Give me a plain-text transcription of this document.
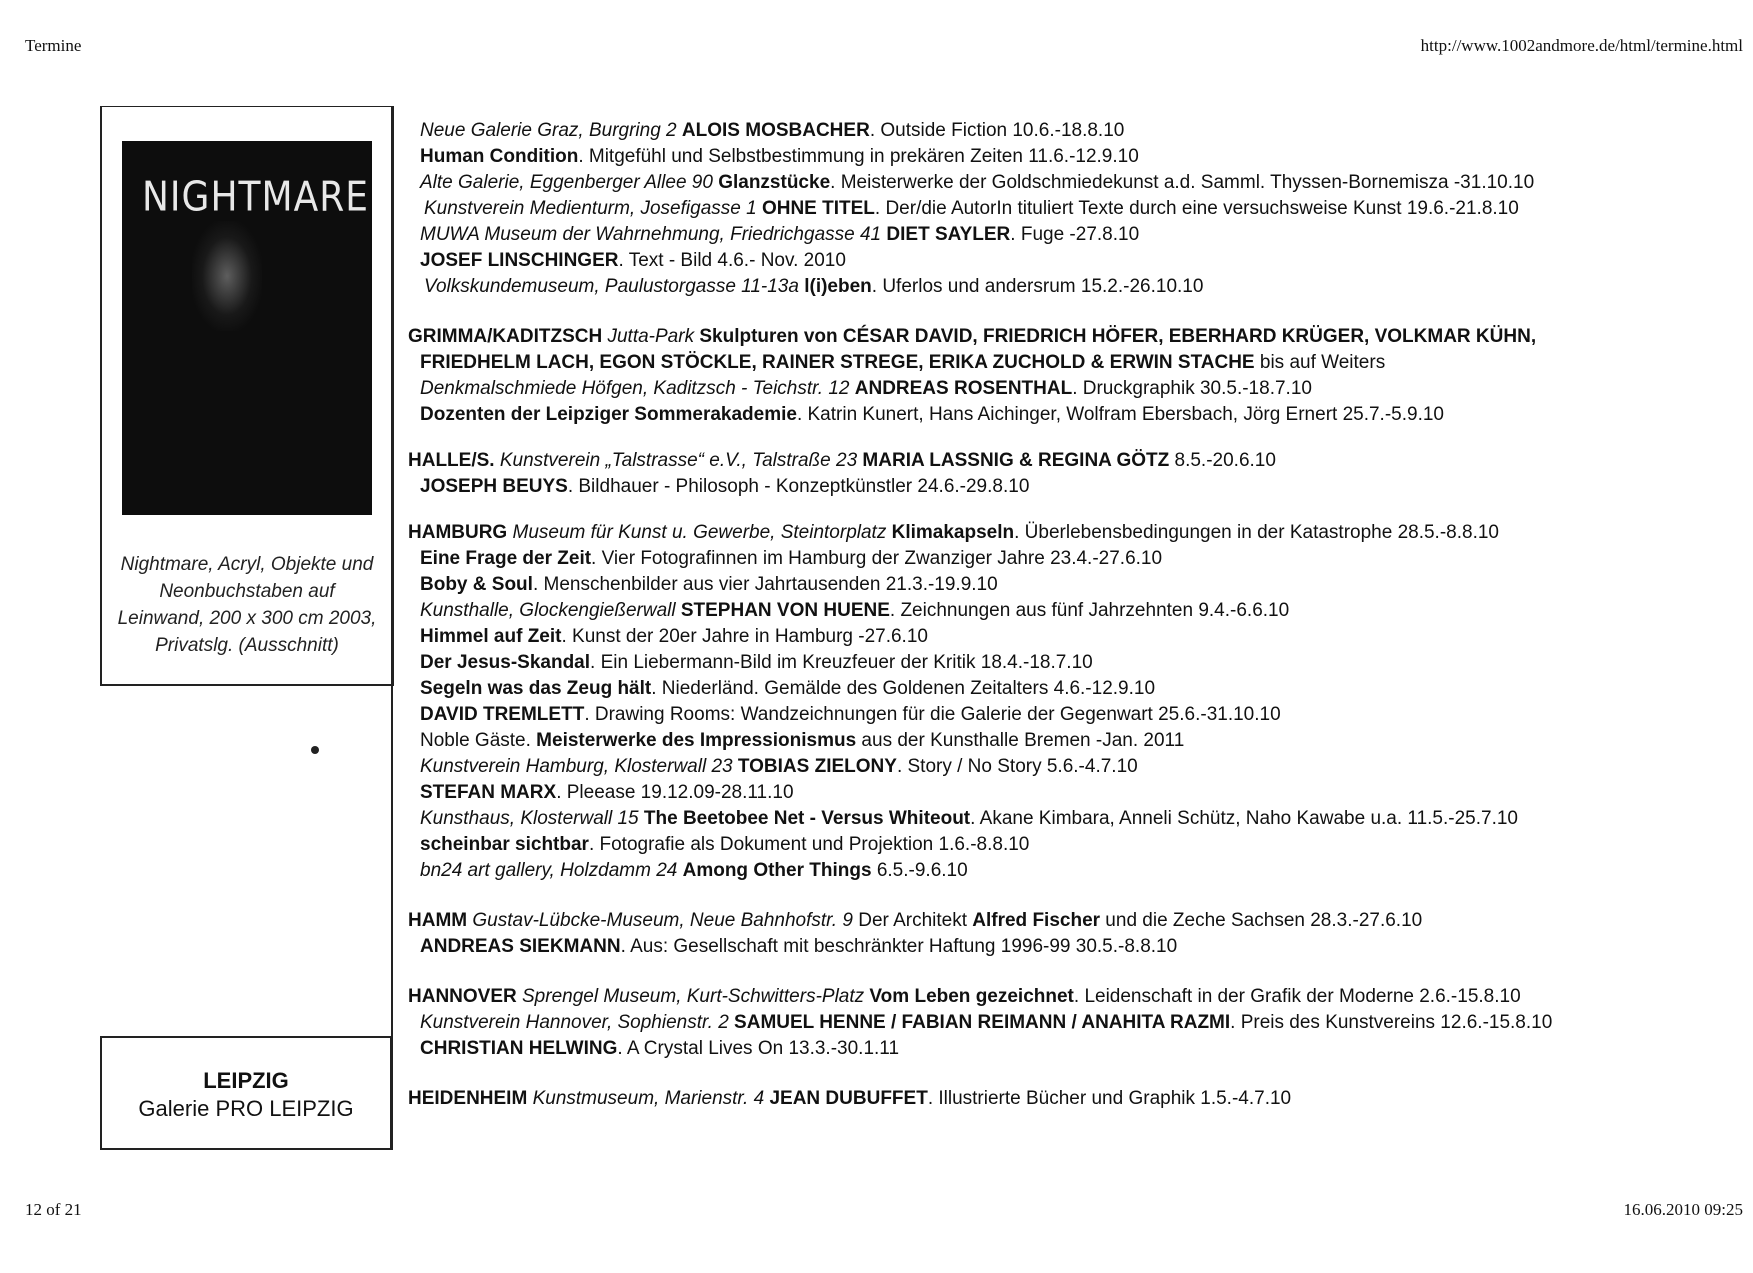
Termine	http://www.1002andmore.de/html/termine.html
NIGHTMARE
Nightmare, Acryl, Objekte und
Neonbuchstaben auf
Leinwand, 200 x 300 cm 2003,
Privatslg. (Ausschnitt)
LEIPZIG
Galerie PRO LEIPZIG
Neue Galerie Graz, Burgring 2 ALOIS MOSBACHER. Outside Fiction 10.6.-18.8.10
Human Condition. Mitgefühl und Selbstbestimmung in prekären Zeiten 11.6.-12.9.10
Alte Galerie, Eggenberger Allee 90 Glanzstücke. Meisterwerke der Goldschmiedekunst a.d. Samml. Thyssen-Bornemisza -31.10.10
Kunstverein Medienturm, Josefigasse 1 OHNE TITEL. Der/die AutorIn tituliert Texte durch eine versuchsweise Kunst 19.6.-21.8.10
MUWA Museum der Wahrnehmung, Friedrichgasse 41 DIET SAYLER. Fuge -27.8.10
JOSEF LINSCHINGER. Text - Bild 4.6.- Nov. 2010
Volkskundemuseum, Paulustorgasse 11-13a l(i)eben. Uferlos und andersrum 15.2.-26.10.10
GRIMMA/KADITZSCH Jutta-Park Skulpturen von CÉSAR DAVID, FRIEDRICH HÖFER, EBERHARD KRÜGER, VOLKMAR KÜHN,
FRIEDHELM LACH, EGON STÖCKLE, RAINER STREGE, ERIKA ZUCHOLD & ERWIN STACHE bis auf Weiters
Denkmalschmiede Höfgen, Kaditzsch - Teichstr. 12 ANDREAS ROSENTHAL. Druckgraphik 30.5.-18.7.10
Dozenten der Leipziger Sommerakademie. Katrin Kunert, Hans Aichinger, Wolfram Ebersbach, Jörg Ernert 25.7.-5.9.10
HALLE/S. Kunstverein „Talstrasse“ e.V., Talstraße 23 MARIA LASSNIG & REGINA GÖTZ 8.5.-20.6.10
JOSEPH BEUYS. Bildhauer - Philosoph - Konzeptkünstler 24.6.-29.8.10
HAMBURG Museum für Kunst u. Gewerbe, Steintorplatz Klimakapseln. Überlebensbedingungen in der Katastrophe 28.5.-8.8.10
Eine Frage der Zeit. Vier Fotografinnen im Hamburg der Zwanziger Jahre 23.4.-27.6.10
Boby & Soul. Menschenbilder aus vier Jahrtausenden 21.3.-19.9.10
Kunsthalle, Glockengießerwall STEPHAN VON HUENE. Zeichnungen aus fünf Jahrzehnten 9.4.-6.6.10
Himmel auf Zeit. Kunst der 20er Jahre in Hamburg -27.6.10
Der Jesus-Skandal. Ein Liebermann-Bild im Kreuzfeuer der Kritik 18.4.-18.7.10
Segeln was das Zeug hält. Niederländ. Gemälde des Goldenen Zeitalters 4.6.-12.9.10
DAVID TREMLETT. Drawing Rooms: Wandzeichnungen für die Galerie der Gegenwart 25.6.-31.10.10
Noble Gäste. Meisterwerke des Impressionismus aus der Kunsthalle Bremen -Jan. 2011
Kunstverein Hamburg, Klosterwall 23 TOBIAS ZIELONY. Story / No Story 5.6.-4.7.10
STEFAN MARX. Pleease 19.12.09-28.11.10
Kunsthaus, Klosterwall 15 The Beetobee Net - Versus Whiteout. Akane Kimbara, Anneli Schütz, Naho Kawabe u.a. 11.5.-25.7.10
scheinbar sichtbar. Fotografie als Dokument und Projektion 1.6.-8.8.10
bn24 art gallery, Holzdamm 24 Among Other Things 6.5.-9.6.10
HAMM Gustav-Lübcke-Museum, Neue Bahnhofstr. 9 Der Architekt Alfred Fischer und die Zeche Sachsen 28.3.-27.6.10
ANDREAS SIEKMANN. Aus: Gesellschaft mit beschränkter Haftung 1996-99 30.5.-8.8.10
HANNOVER Sprengel Museum, Kurt-Schwitters-Platz Vom Leben gezeichnet. Leidenschaft in der Grafik der Moderne 2.6.-15.8.10
Kunstverein Hannover, Sophienstr. 2 SAMUEL HENNE / FABIAN REIMANN / ANAHITA RAZMI. Preis des Kunstvereins 12.6.-15.8.10
CHRISTIAN HELWING. A Crystal Lives On 13.3.-30.1.11
HEIDENHEIM Kunstmuseum, Marienstr. 4 JEAN DUBUFFET. Illustrierte Bücher und Graphik 1.5.-4.7.10
12 of 21	16.06.2010 09:25
